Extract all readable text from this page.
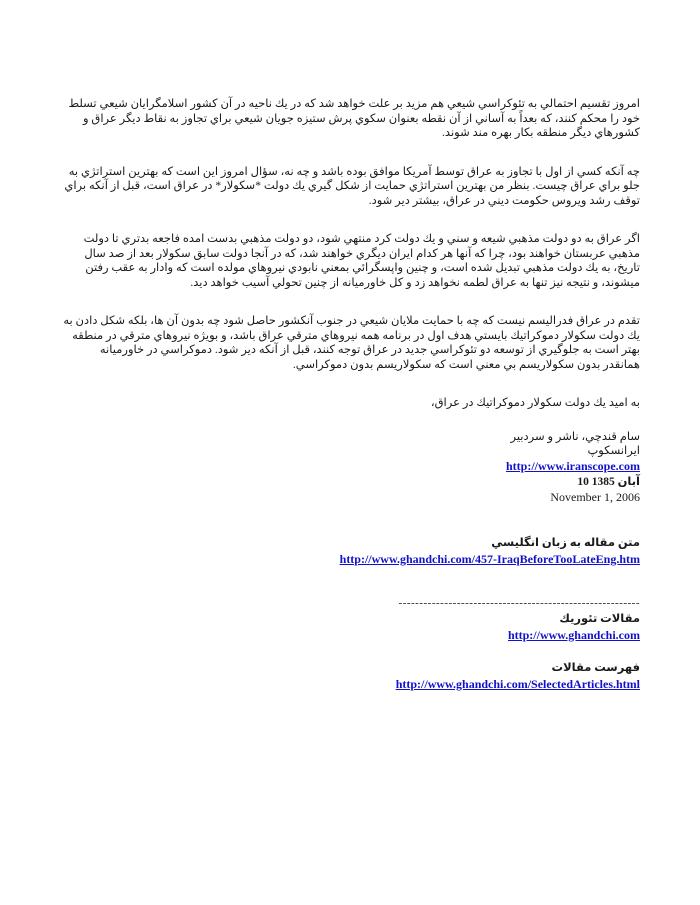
امروز تقسيم احتمالي به تئوكراسي شيعي هم مزيد بر علت خواهد شد كه در يك ناحيه در آن كشور اسلامگرايان شيعي تسلط خود را محكم كنند، كه بعداً به آساني از آن نقطه بعنوان سكوي پرش ستيزه جويان شيعي براي تجاوز به نقاط ديگر عراق و كشورهاي ديگر منطقه بكار بهره مند شوند.

چه آنكه كسي از اول با تجاوز به عراق توسط آمريكا موافق بوده باشد و چه نه، سؤال امروز اين است كه بهترين استراتژي به جلو براي عراق چيست. بنظر من بهترين استراتژي حمايت از شكل گيري يك دولت *سكولار* در عراق است، قبل از آنكه براي توقف رشد ويروس حكومت ديني در عراق، بيشتر دير شود.

اگر عراق به دو دولت مذهبي شيعه و سني و يك دولت كرد منتهي شود، دو دولت مذهبي بدست امده فاجعه بدتري تا دولت مذهبي عربستان خواهند بود، چرا كه آنها هر كدام ايران ديگري خواهند شد، كه در آنجا دولت سابق سكولار بعد از صد سال تاريخ، به يك دولت مذهبي تبديل شده است، و چنين واپسگرائي بمعني نابودي نيروهاي مولده است كه وادار به عقب رفتن ميشوند، و نتيجه نيز تنها به عراق لطمه نخواهد زد و كل خاورميانه از چنين تحولي آسيب خواهد ديد.

تقدم در عراق فدراليسم نيست كه چه با حمايت ملايان شيعي در جنوب آنكشور حاصل شود چه بدون آن ها، بلكه شكل دادن به يك دولت سكولار دموكراتيك بايستي هدف اول در برنامه همه نيروهاي مترقي عراق باشد، و بويژه نيروهاي مترقي در منطقه بهتر است به جلوگيري از توسعه دو تئوكراسي جديد در عراق توجه كنند، قبل از آنكه دير شود. دموكراسي در خاورميانه همانقدر بدون سكولاريسم بي معني است كه سكولاريسم بدون دموكراسي.

به اميد يك دولت سكولار دموكراتيك در عراق،
سام قندچي، ناشر و سردبير
ايرانسكوپ
http://www.iranscope.com
10 آبان 1385
November 1, 2006
متن مقاله به زبان انگليسي
http://www.ghandchi.com/457-IraqBeforeTooLateEng.htm
----------------------------------------------------------
مقالات تئوريك
http://www.ghandchi.com
فهرست مقالات
http://www.ghandchi.com/SelectedArticles.html
